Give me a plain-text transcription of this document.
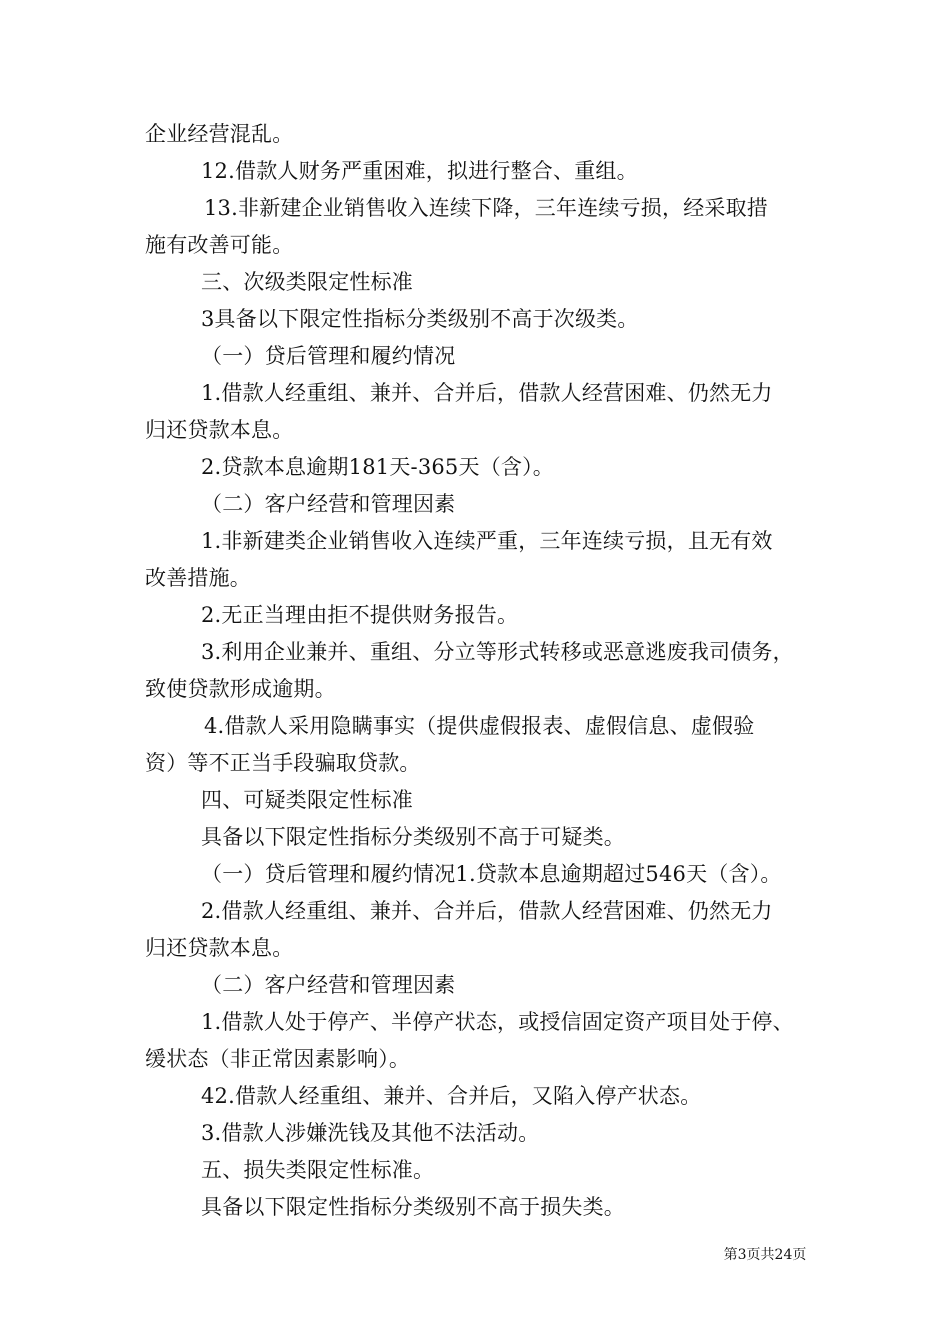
企业经营混乱。
12.借款人财务严重困难，拟进行整合、重组。
13.非新建企业销售收入连续下降，三年连续亏损，经采取措
施有改善可能。
三、次级类限定性标准
3具备以下限定性指标分类级别不高于次级类。
（一）贷后管理和履约情况
1.借款人经重组、兼并、合并后，借款人经营困难、仍然无力
归还贷款本息。
2.贷款本息逾期181天-365天（含）。
（二）客户经营和管理因素
1.非新建类企业销售收入连续严重，三年连续亏损，且无有效
改善措施。
2.无正当理由拒不提供财务报告。
3.利用企业兼并、重组、分立等形式转移或恶意逃废我司债务，
致使贷款形成逾期。
4.借款人采用隐瞒事实（提供虚假报表、虚假信息、虚假验
资）等不正当手段骗取贷款。
四、可疑类限定性标准
具备以下限定性指标分类级别不高于可疑类。
（一）贷后管理和履约情况1.贷款本息逾期超过546天（含）。
2.借款人经重组、兼并、合并后，借款人经营困难、仍然无力
归还贷款本息。
（二）客户经营和管理因素
1.借款人处于停产、半停产状态，或授信固定资产项目处于停、
缓状态（非正常因素影响）。
42.借款人经重组、兼并、合并后，又陷入停产状态。
3.借款人涉嫌洗钱及其他不法活动。
五、损失类限定性标准。
具备以下限定性指标分类级别不高于损失类。
第3页共24页
